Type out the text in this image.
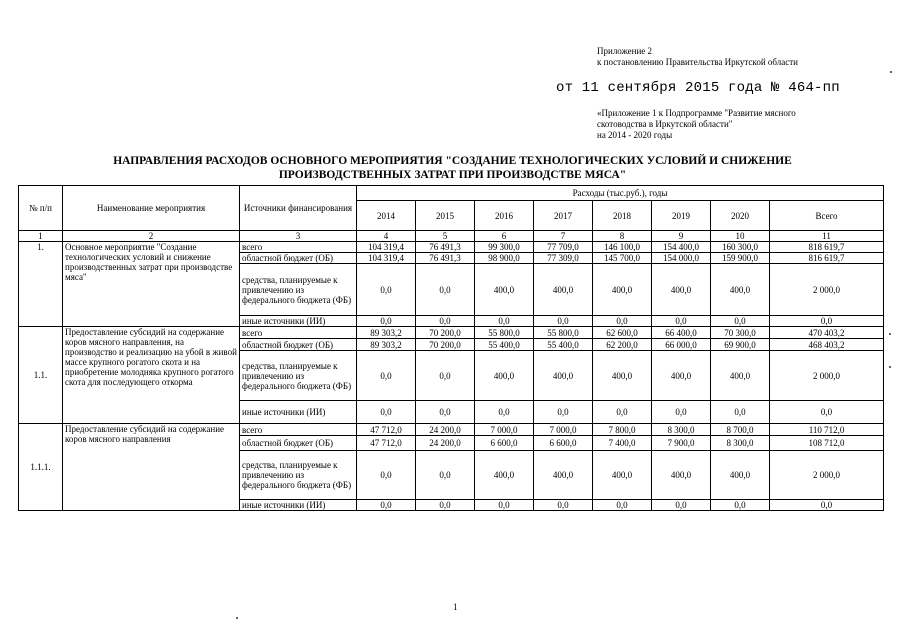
Приложение 2
к постановлению Правительства Иркутской области
от 11 сентября 2015 года № 464-пп
«Приложение 1 к Подпрограмме "Развитие мясного
скотоводства в Иркутской области"
на 2014 - 2020 годы
НАПРАВЛЕНИЯ РАСХОДОВ ОСНОВНОГО МЕРОПРИЯТИЯ "СОЗДАНИЕ ТЕХНОЛОГИЧЕСКИХ УСЛОВИЙ И СНИЖЕНИЕ
ПРОИЗВОДСТВЕННЫХ ЗАТРАТ ПРИ ПРОИЗВОДСТВЕ МЯСА"
№ п/п	Наименование мероприятия	Источники финансирования	Расходы (тыс.руб.), годы							
			2014	2015	2016	2017	2018	2019	2020	Всего
1	2	3	4	5	6	7	8	9	10	11
1.	Основное мероприятие "Создание технологических условий и снижение производственных затрат при производстве мяса"	всего	104 319,4	76 491,3	99 300,0	77 709,0	146 100,0	154 400,0	160 300,0	818 619,7
		областной бюджет (ОБ)	104 319,4	76 491,3	98 900,0	77 309,0	145 700,0	154 000,0	159 900,0	816 619,7
		средства, планируемые к привлечению из федерального бюджета (ФБ)	0,0	0,0	400,0	400,0	400,0	400,0	400,0	2 000,0
		иные источники (ИИ)	0,0	0,0	0,0	0,0	0,0	0,0	0,0	0,0
1.1.	Предоставление субсидий на содержание коров мясного направления, на производство и реализацию на убой в живой массе крупного рогатого скота и на приобретение молодняка крупного рогатого скота для последующего откорма	всего	89 303,2	70 200,0	55 800,0	55 800,0	62 600,0	66 400,0	70 300,0	470 403,2
		областной бюджет (ОБ)	89 303,2	70 200,0	55 400,0	55 400,0	62 200,0	66 000,0	69 900,0	468 403,2
		средства, планируемые к привлечению из федерального бюджета (ФБ)	0,0	0,0	400,0	400,0	400,0	400,0	400,0	2 000,0
		иные источники (ИИ)	0,0	0,0	0,0	0,0	0,0	0,0	0,0	0,0
1.1.1.	Предоставление субсидий на содержание коров мясного направления	всего	47 712,0	24 200,0	7 000,0	7 000,0	7 800,0	8 300,0	8 700,0	110 712,0
		областной бюджет (ОБ)	47 712,0	24 200,0	6 600,0	6 600,0	7 400,0	7 900,0	8 300,0	108 712,0
		средства, планируемые к привлечению из федерального бюджета (ФБ)	0,0	0,0	400,0	400,0	400,0	400,0	400,0	2 000,0
		иные источники (ИИ)	0,0	0,0	0,0	0,0	0,0	0,0	0,0	0,0
1
